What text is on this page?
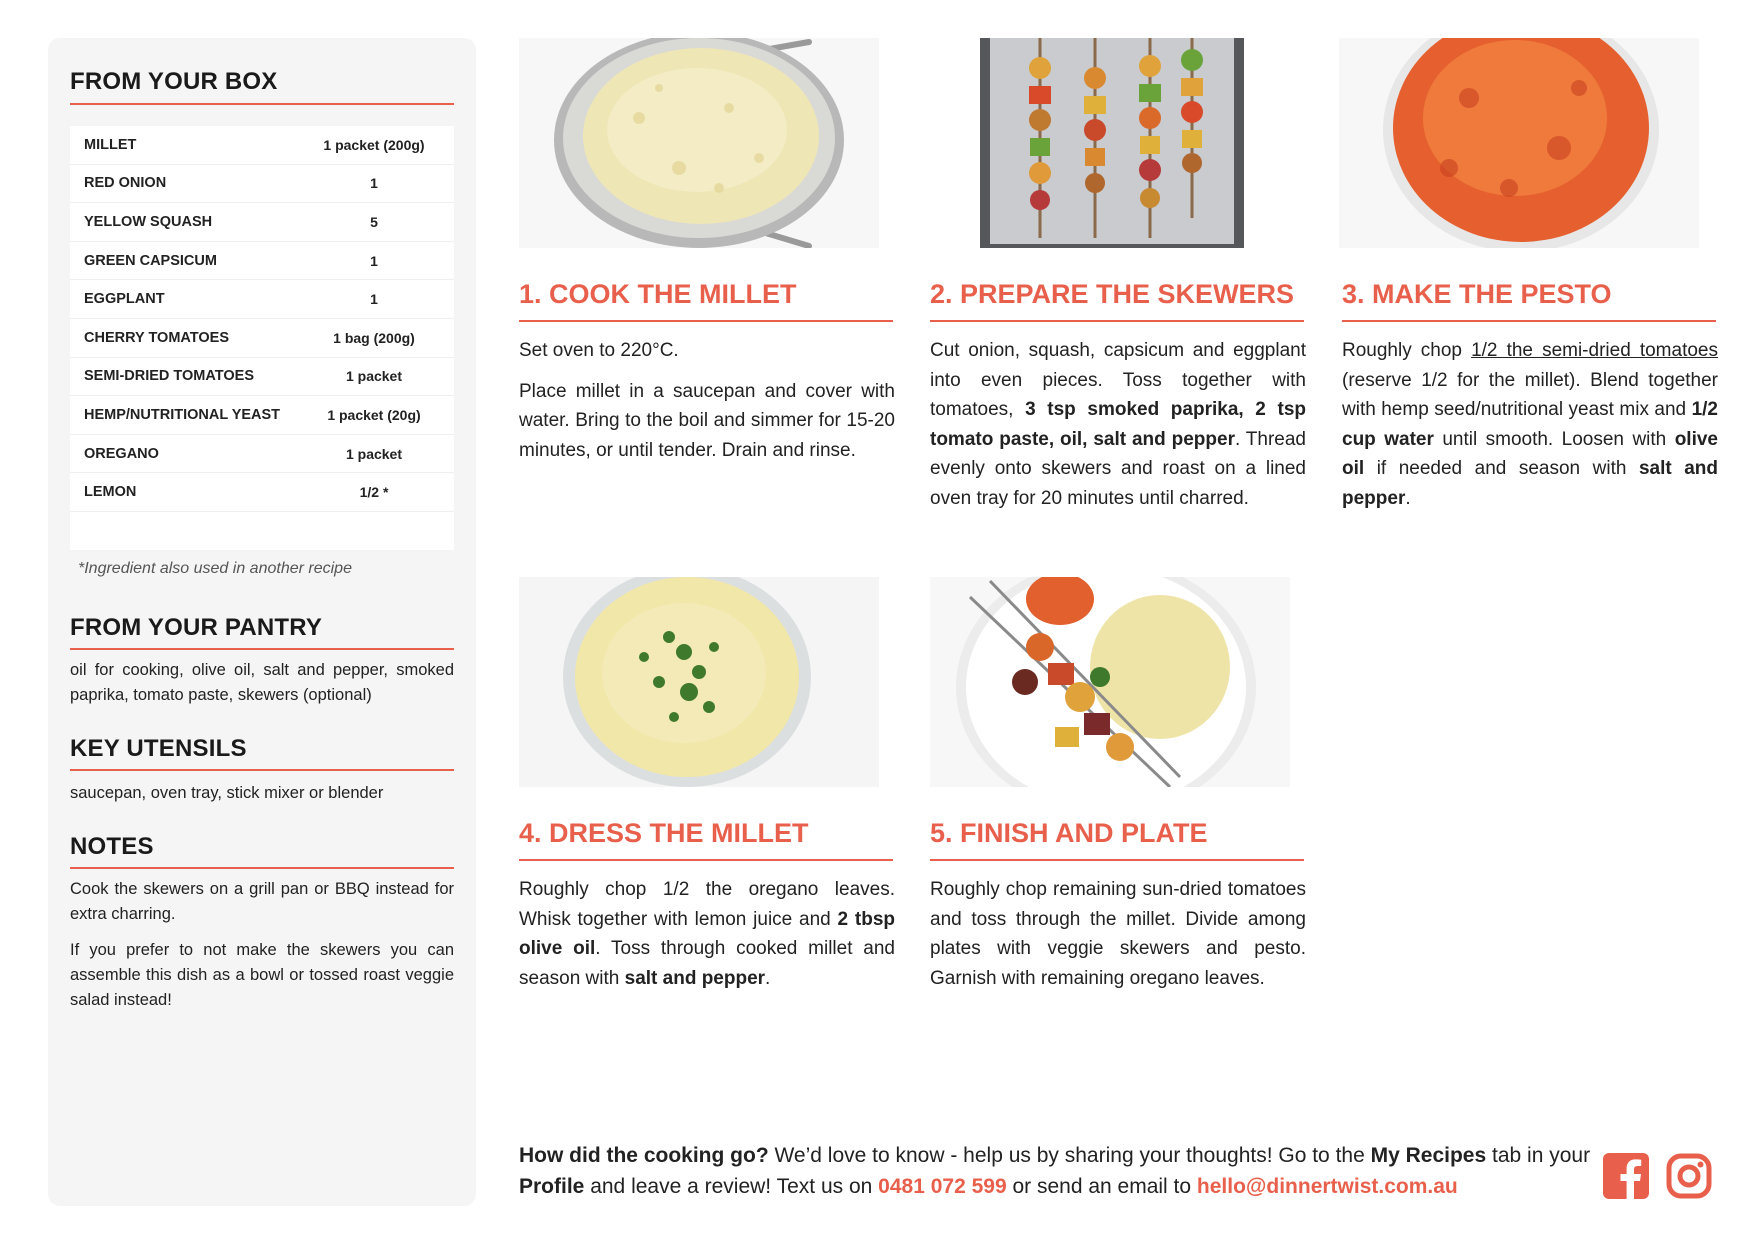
FROM YOUR BOX
MILLET	1 packet (200g)
RED ONION	1
YELLOW SQUASH	5
GREEN CAPSICUM	1
EGGPLANT	1
CHERRY TOMATOES	1 bag (200g)
SEMI-DRIED TOMATOES	1 packet
HEMP/NUTRITIONAL YEAST	1 packet (20g)
OREGANO	1 packet
LEMON	1/2 *
*Ingredient also used in another recipe
FROM YOUR PANTRY
oil for cooking, olive oil, salt and pepper, smoked paprika, tomato paste, skewers (optional)
KEY UTENSILS
saucepan, oven tray, stick mixer or blender
NOTES
Cook the skewers on a grill pan or BBQ instead for extra charring.
If you prefer to not make the skewers you can assemble this dish as a bowl or tossed roast veggie salad instead!
1. COOK THE MILLET

Set oven to 220°C.

Place millet in a saucepan and cover with water. Bring to the boil and simmer for 15-20 minutes, or until tender. Drain and rinse.

2. PREPARE THE SKEWERS

Cut onion, squash, capsicum and eggplant into even pieces. Toss together with tomatoes, 3 tsp smoked paprika, 2 tsp tomato paste, oil, salt and pepper. Thread evenly onto skewers and roast on a lined oven tray for 20 minutes until charred.

3. MAKE THE PESTO

Roughly chop 1/2 the semi-dried tomatoes (reserve 1/2 for the millet). Blend together with hemp seed/nutritional yeast mix and 1/2 cup water until smooth. Loosen with olive oil if needed and season with salt and pepper.

4. DRESS THE MILLET

Roughly chop 1/2 the oregano leaves. Whisk together with lemon juice and 2 tbsp olive oil. Toss through cooked millet and season with salt and pepper.

5. FINISH AND PLATE

Roughly chop remaining sun-dried tomatoes and toss through the millet. Divide among plates with veggie skewers and pesto. Garnish with remaining oregano leaves.

How did the cooking go? We’d love to know - help us by sharing your thoughts! Go to the My Recipes tab in your Profile and leave a review! Text us on 0481 072 599 or send an email to hello@dinnertwist.com.au
